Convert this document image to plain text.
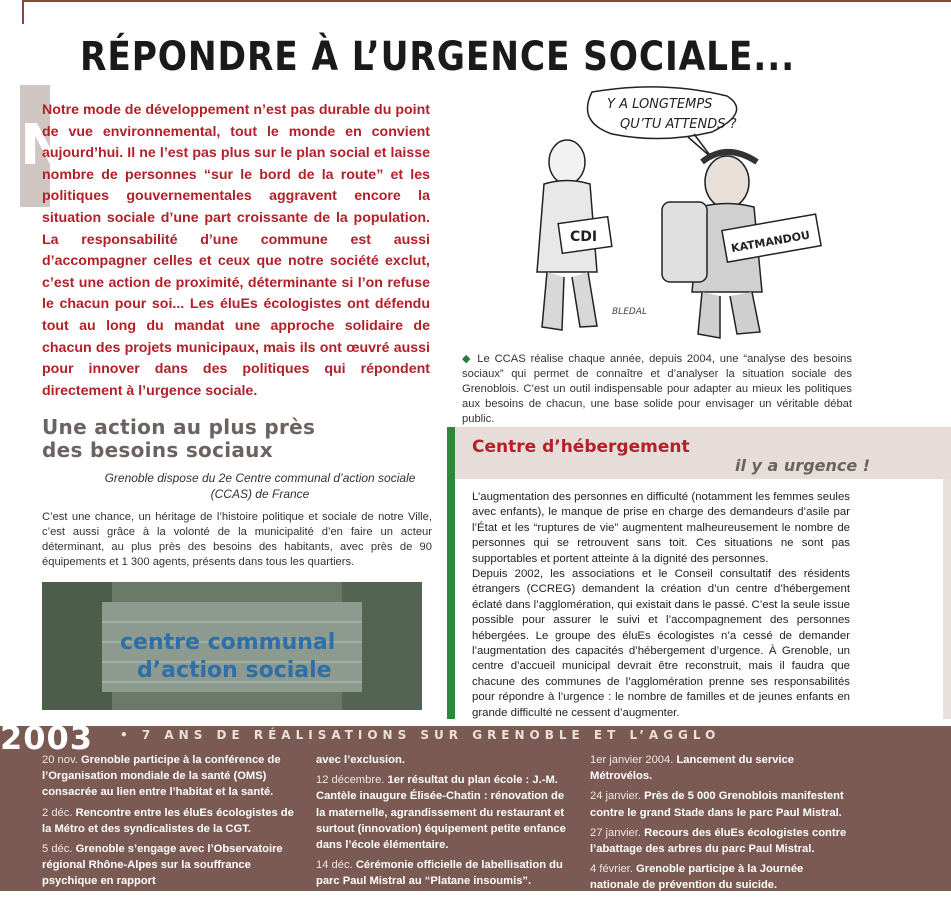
RÉPONDRE À L’URGENCE SOCIALE...
N
Notre mode de développement n’est pas durable du point de vue environnemental, tout le monde en convient aujourd’hui. Il ne l’est pas plus sur le plan social et laisse nombre de personnes “sur le bord de la route” et les politiques gouvernementales aggravent encore la situation sociale d’une part croissante de la population. La responsabilité d’une commune est aussi d’accompagner celles et ceux que notre société exclut, c’est une action de proximité, déterminante si l’on refuse le chacun pour soi... Les éluEs écologistes ont défendu tout au long du mandat une approche solidaire de chacun des projets municipaux, mais ils ont œuvré aussi pour innover dans des politiques qui répondent directement à l’urgence sociale.
Y A LONGTEMPS
QU’TU ATTENDS ?
CDI	KATMANDOU
BLEDAL
◆ Le CCAS réalise chaque année, depuis 2004, une “analyse des besoins sociaux” qui permet de connaître et d’analyser la situation sociale des Grenoblois. C’est un outil indispensable pour adapter au mieux les politiques aux besoins de chacun, une base solide pour envisager un véritable débat public.
Une action au plus près
des besoins sociaux
Grenoble dispose du 2e Centre communal d’action sociale (CCAS) de France
C’est une chance, un héritage de l’histoire politique et sociale de notre Ville, c’est aussi grâce à la volonté de la municipalité d’en faire un acteur déterminant, au plus près des besoins des habitants, avec près de 90 équipements et 1 300 agents, présents dans tous les quartiers.
centre communal
d’action sociale
Centre d’hébergement
il y a urgence !
L’augmentation des personnes en difficulté (notamment les femmes seules avec enfants), le manque de prise en charge des demandeurs d’asile par l’État et les “ruptures de vie” augmentent malheureusement le nombre de personnes qui se retrouvent sans toit. Ces situations ne sont pas supportables et portent atteinte à la dignité des personnes.
Depuis 2002, les associations et le Conseil consultatif des résidents étrangers (CCREG) demandent la création d’un centre d’hébergement éclaté dans l’agglomération, qui existait dans le passé. C’est la seule issue possible pour assurer le suivi et l’accompagnement des personnes hébergées. Le groupe des éluEs écologistes n’a cessé de demander l’augmentation des capacités d’hébergement d’urgence. À Grenoble, un centre d’accueil municipal devrait être reconstruit, mais il faudra que chacune des communes de l’agglomération prenne ses responsabilités pour répondre à l’urgence : le nombre de familles et de jeunes enfants en grande difficulté ne cessent d’augmenter.
2003 • 7 ANS DE RÉALISATIONS SUR GRENOBLE ET L’AGGLO

20 nov. Grenoble participe à la conférence de l’Organisation mondiale de la santé (OMS) consacrée au lien entre l’habitat et la santé.

2 déc. Rencontre entre les éluEs écologistes de la Métro et des syndicalistes de la CGT.

5 déc. Grenoble s’engage avec l’Observatoire régional Rhône-Alpes sur la souffrance psychique en rapport

avec l’exclusion.

12 décembre. 1er résultat du plan école : J.-M. Cantèle inaugure Élisée-Chatin : rénovation de la maternelle, agrandissement du restaurant et surtout (innovation) équipement petite enfance dans l’école élémentaire.

14 déc. Cérémonie officielle de labellisation du parc Paul Mistral au “Platane insoumis”.

1er janvier 2004. Lancement du service Métrovélos.

24 janvier. Près de 5 000 Grenoblois manifestent contre le grand Stade dans le parc Paul Mistral.

27 janvier. Recours des éluEs écologistes contre l’abattage des arbres du parc Paul Mistral.

4 février. Grenoble participe à la Journée nationale de prévention du suicide.
